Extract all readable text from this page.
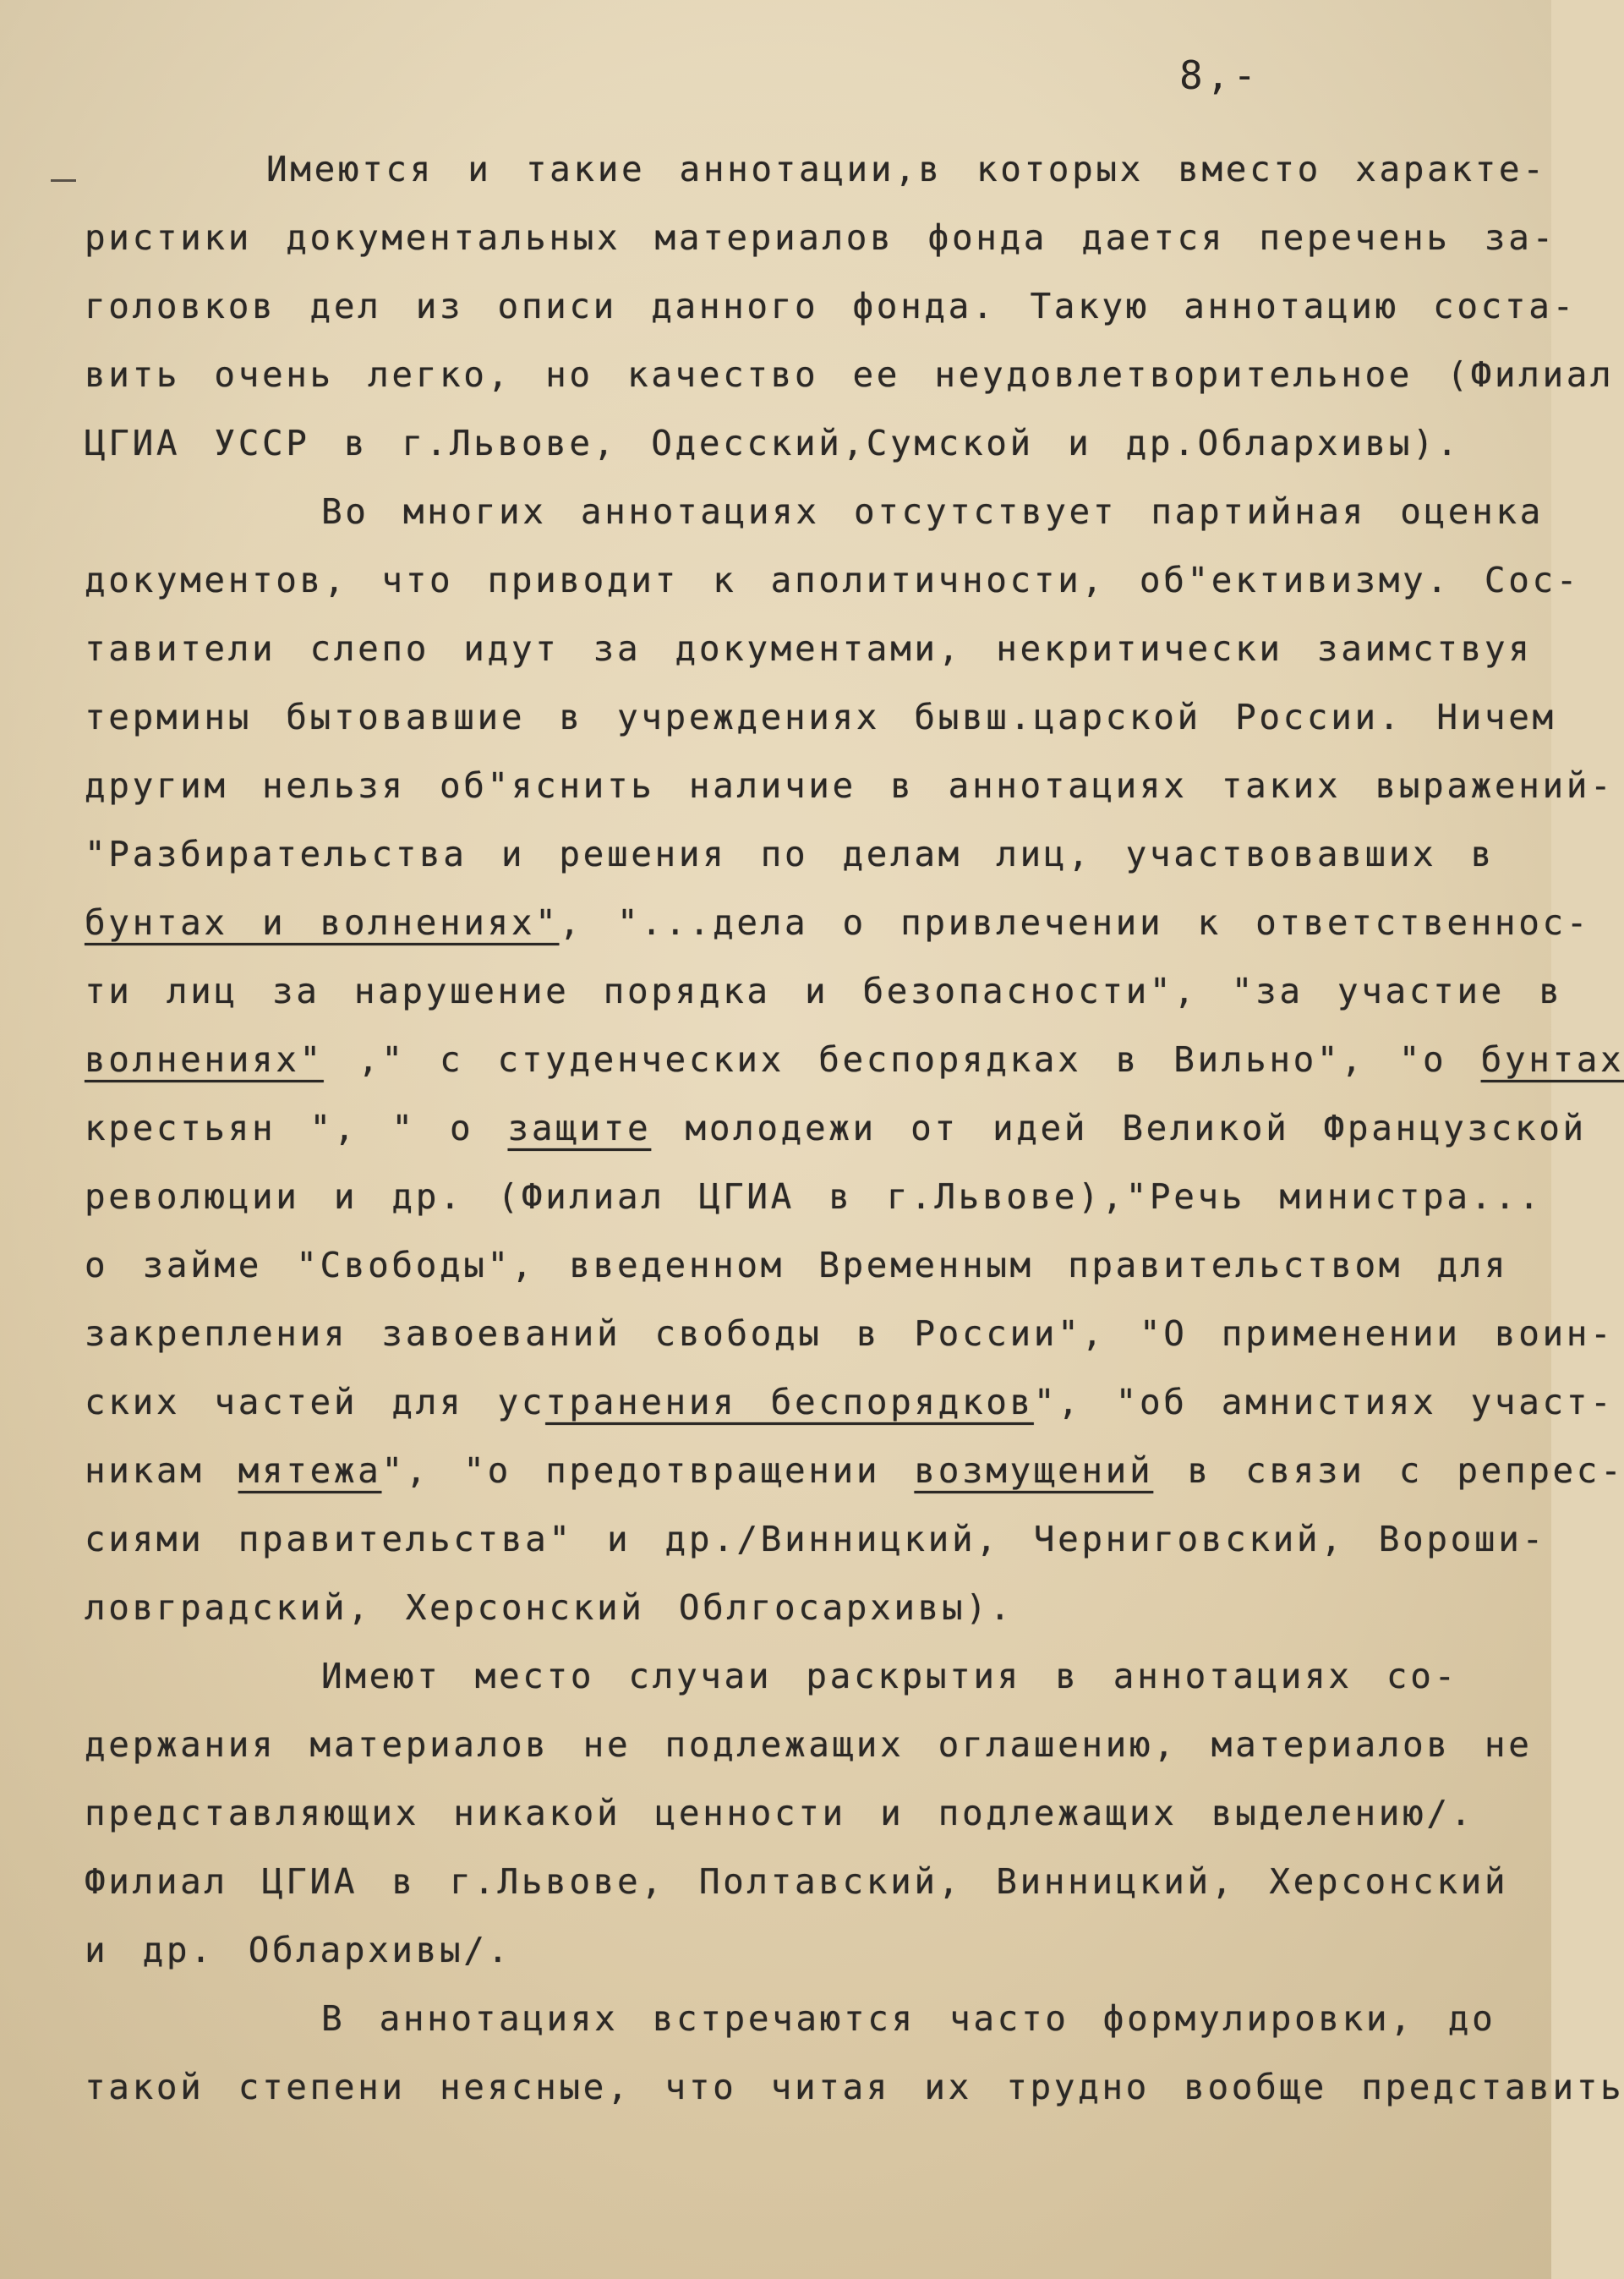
8,-
Имеются и такие аннотации,в которых вместо характе-
ристики документальных материалов фонда дается перечень за-
головков дел из описи данного фонда. Такую аннотацию соста-
вить очень легко, но качество ее неудовлетворительное (Филиал
ЦГИА УССР в г.Львове, Одесский,Сумской и др.Облархивы).
Во многих аннотациях отсутствует партийная оценка
документов, что приводит к аполитичности, об"ективизму. Сос-
тавители слепо идут за документами, некритически заимствуя
термины бытовавшие в учреждениях бывш.царской России. Ничем
другим нельзя об"яснить наличие в аннотациях таких выражений-
"Разбирательства и решения по делам лиц, участвовавших в
бунтах и волнениях", "...дела о привлечении к ответственнос-
ти лиц за нарушение порядка и безопасности", "за участие в
волнениях" ," с студенческих беспорядках в Вильно", "о бунтах
крестьян ", " о защите молодежи от идей Великой Французской
революции и др. (Филиал ЦГИА в г.Львове),"Речь министра...
о займе "Свободы", введенном Временным правительством для
закрепления завоеваний свободы в России", "О применении воин-
ских частей для устранения беспорядков", "об амнистиях участ-
никам мятежа", "о предотвращении возмущений в связи с репрес-
сиями правительства" и др./Винницкий, Черниговский, Вороши-
ловградский, Херсонский Облгосархивы).
Имеют место случаи раскрытия в аннотациях со-
держания материалов не подлежащих оглашению, материалов не
представляющих никакой ценности и подлежащих выделению/.
Филиал ЦГИА в г.Львове, Полтавский, Винницкий, Херсонский
и др. Облархивы/.
В аннотациях встречаются часто формулировки, до
такой степени неясные, что читая их трудно вообще представить
